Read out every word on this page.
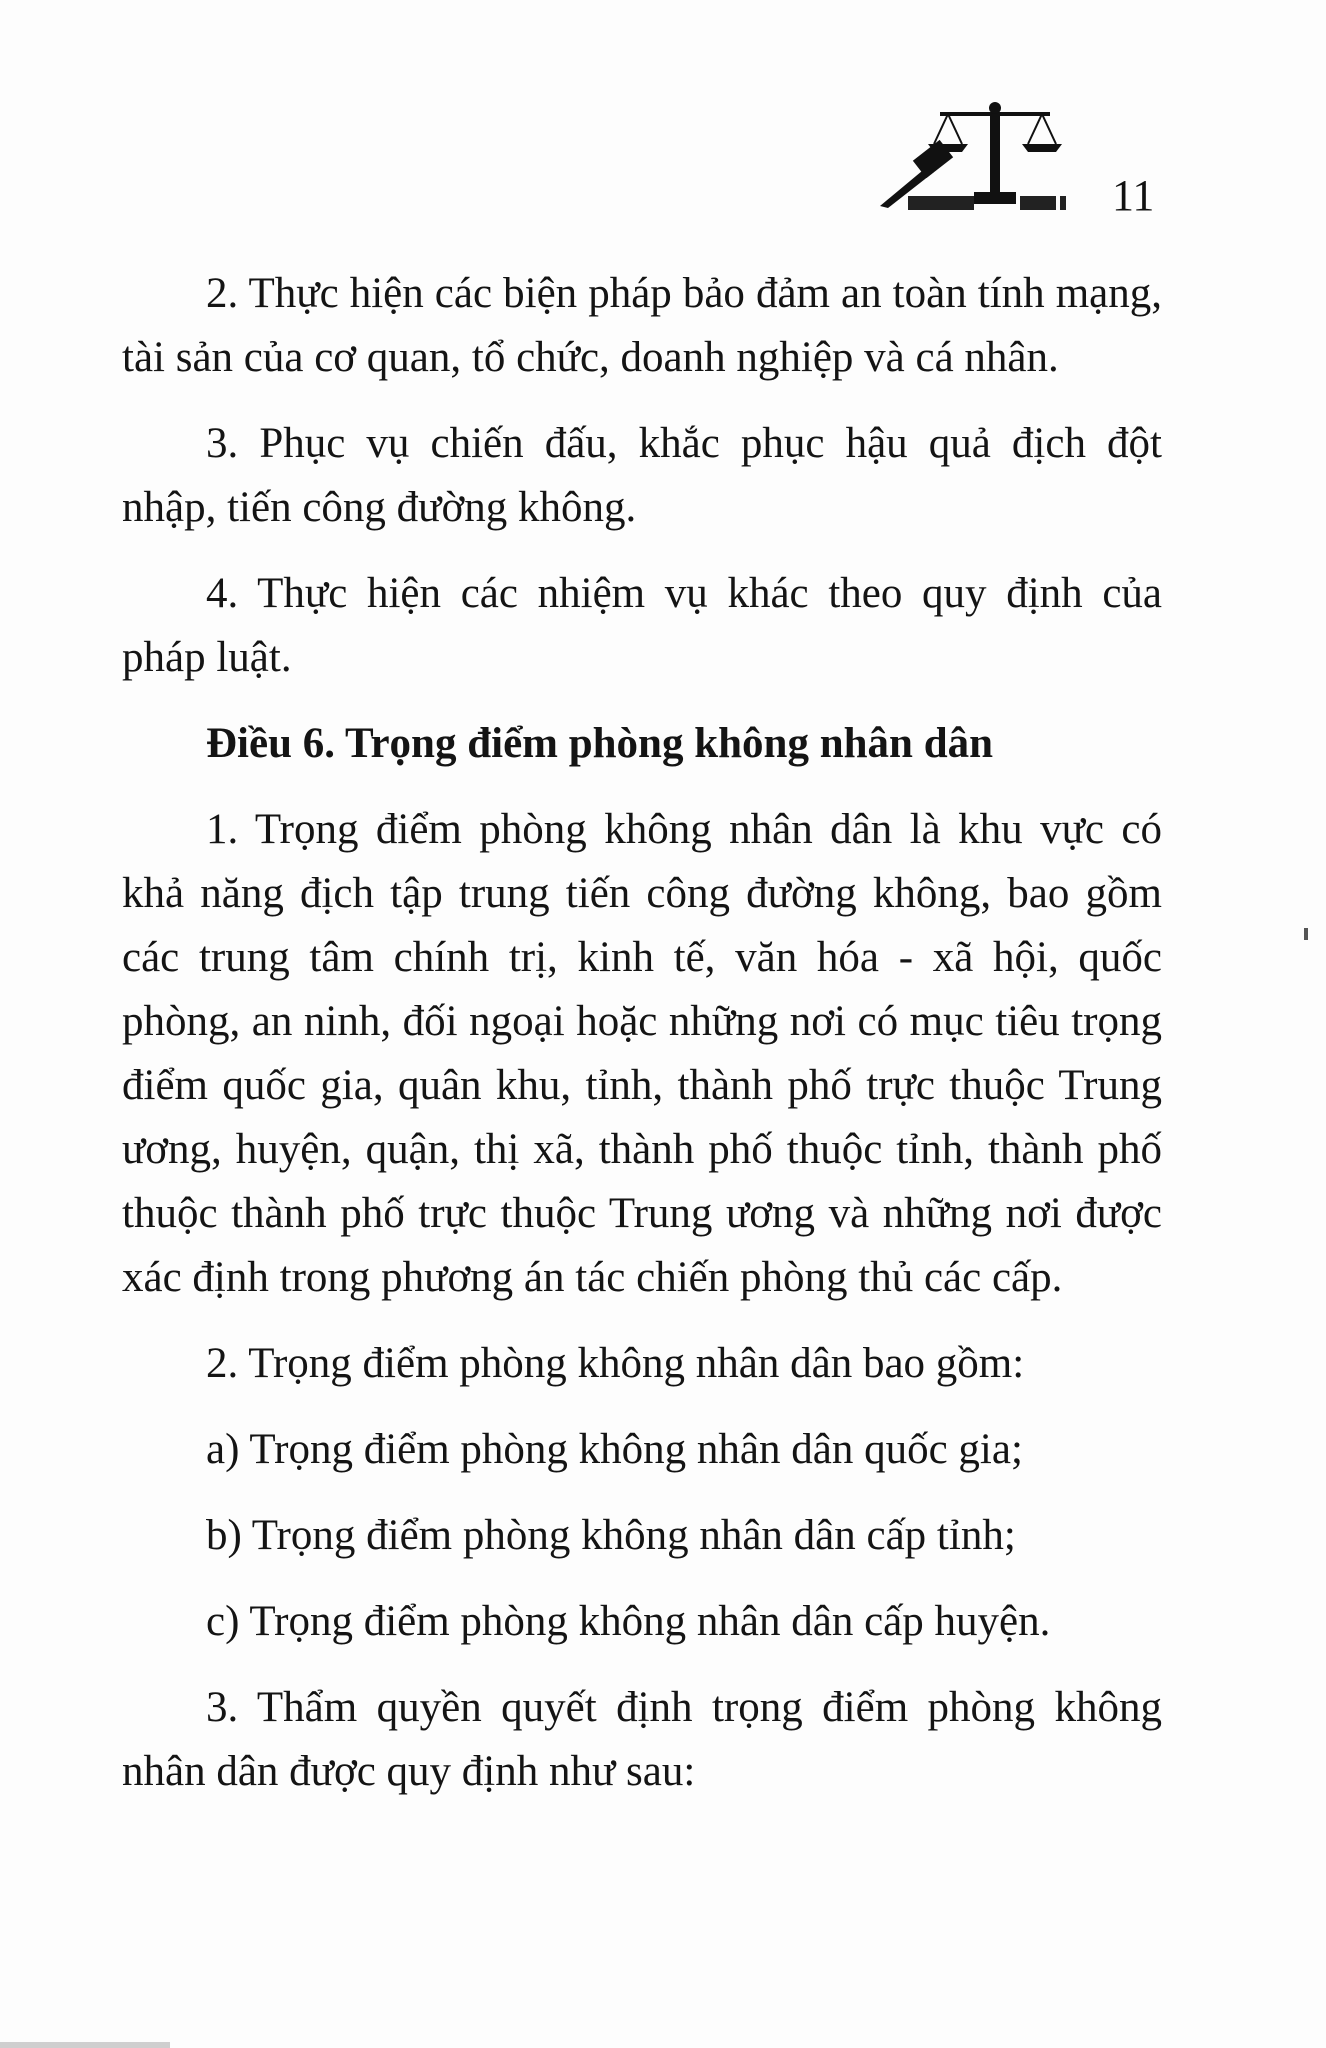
11

2. Thực hiện các biện pháp bảo đảm an toàn tính mạng, tài sản của cơ quan, tổ chức, doanh nghiệp và cá nhân.

3. Phục vụ chiến đấu, khắc phục hậu quả địch đột nhập, tiến công đường không.

4. Thực hiện các nhiệm vụ khác theo quy định của pháp luật.

Điều 6. Trọng điểm phòng không nhân dân

1. Trọng điểm phòng không nhân dân là khu vực có khả năng địch tập trung tiến công đường không, bao gồm các trung tâm chính trị, kinh tế, văn hóa - xã hội, quốc phòng, an ninh, đối ngoại hoặc những nơi có mục tiêu trọng điểm quốc gia, quân khu, tỉnh, thành phố trực thuộc Trung ương, huyện, quận, thị xã, thành phố thuộc tỉnh, thành phố thuộc thành phố trực thuộc Trung ương và những nơi được xác định trong phương án tác chiến phòng thủ các cấp.

2. Trọng điểm phòng không nhân dân bao gồm:

a) Trọng điểm phòng không nhân dân quốc gia;

b) Trọng điểm phòng không nhân dân cấp tỉnh;

c) Trọng điểm phòng không nhân dân cấp huyện.

3. Thẩm quyền quyết định trọng điểm phòng không nhân dân được quy định như sau:
